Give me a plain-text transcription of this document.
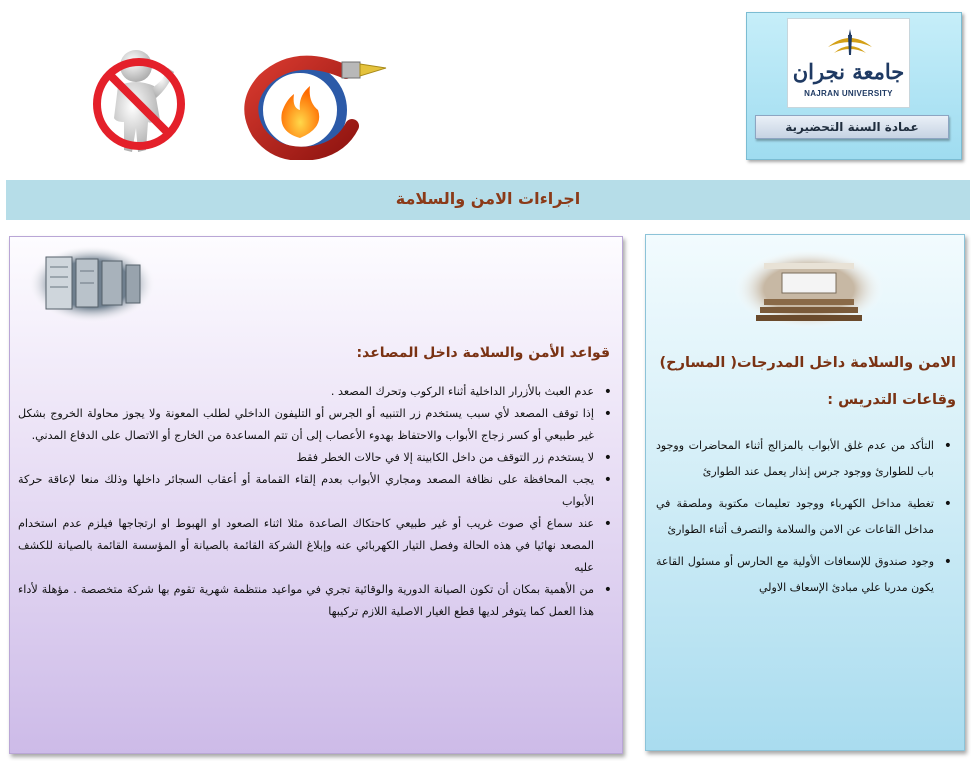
جامعة نجران
NAJRAN UNIVERSITY
عمادة السنة التحضيرية
اجراءات الامن والسلامة
قواعد الأمن والسلامة داخل المصاعد:
• عدم العبث بالأزرار الداخلية أثناء الركوب وتحرك المصعد .
• إذا توقف المصعد لأي سبب يستخدم زر التنبيه أو الجرس أو التليفون الداخلي لطلب المعونة ولا يجوز محاولة الخروج بشكل غير طبيعي أو كسر زجاج الأبواب والاحتفاظ بهدوء الأعصاب إلى أن تتم المساعدة من الخارج أو الاتصال على الدفاع المدني.
• لا يستخدم زر التوقف من داخل الكابينة إلا في حالات الخطر فقط
• يجب المحافظة على نظافة المصعد ومجاري الأبواب بعدم إلقاء القمامة أو أعقاب السجائر داخلها وذلك منعا لإعاقة حركة الأبواب
• عند سماع أي صوت غريب أو غير طبيعي كاحتكاك الصاعدة مثلا اثناء الصعود او الهبوط او ارتجاجها فيلزم عدم استخدام المصعد نهائيا في هذه الحالة وفصل التيار الكهربائي عنه وإبلاغ الشركة القائمة بالصيانة أو المؤسسة القائمة بالصيانة للكشف عليه
• من الأهمية بمكان أن تكون الصيانة الدورية والوقائية تجري في مواعيد منتظمة شهرية تقوم بها شركة متخصصة . مؤهلة لأداء هذا العمل كما يتوفر لديها قطع الغيار الاصلية اللازم تركيبها
الامن والسلامة داخل المدرجات( المسارح) وقاعات التدريس :
• التأكد من عدم غلق الأبواب بالمزالج أثناء المحاضرات ووجود باب للطوارئ ووجود جرس إنذار يعمل عند الطوارئ
• تغطية مداخل الكهرباء ووجود تعليمات مكتوبة وملصقة في مداخل القاعات عن الامن والسلامة والتصرف أثناء الطوارئ
• وجود صندوق للإسعافات الأولية مع الحارس أو مسئول القاعة يكون مدربا علي مبادئ الإسعاف الاولي
